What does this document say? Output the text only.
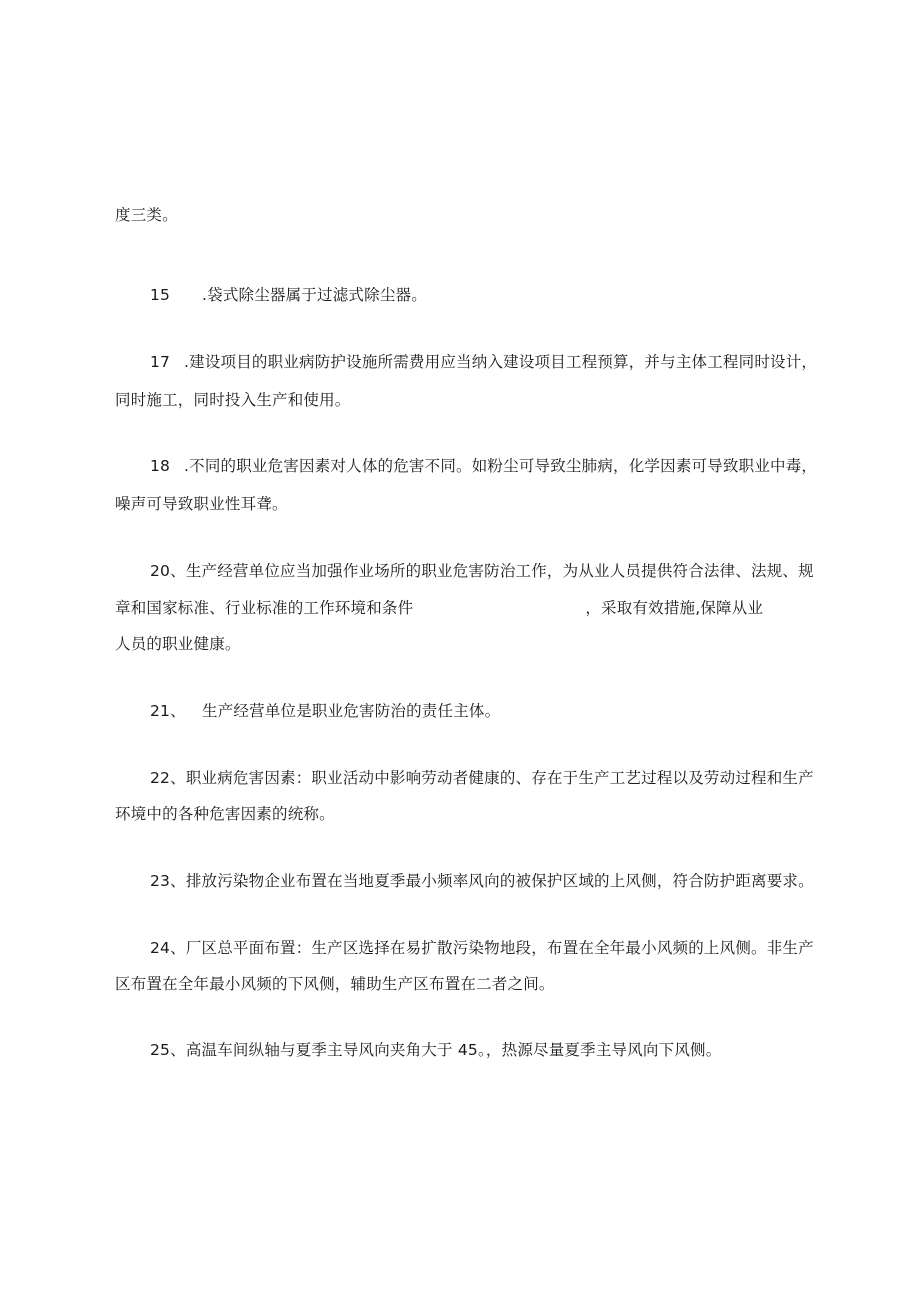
度三类。
15 .袋式除尘器属于过滤式除尘器。
17 .建设项目的职业病防护设施所需费用应当纳入建设项目工程预算，并与主体工程同时设计，
同时施工，同时投入生产和使用。
18 .不同的职业危害因素对人体的危害不同。如粉尘可导致尘肺病，化学因素可导致职业中毒，
噪声可导致职业性耳聋。
20、生产经营单位应当加强作业场所的职业危害防治工作，为从业人员提供符合法律、法规、规
章和国家标准、行业标准的工作环境和条件	，采取有效措施,保障从业
人员的职业健康。
21、 生产经营单位是职业危害防治的责任主体。
22、职业病危害因素：职业活动中影响劳动者健康的、存在于生产工艺过程以及劳动过程和生产
环境中的各种危害因素的统称。
23、排放污染物企业布置在当地夏季最小频率风向的被保护区域的上风侧，符合防护距离要求。
24、厂区总平面布置：生产区选择在易扩散污染物地段，布置在全年最小风频的上风侧。非生产
区布置在全年最小风频的下风侧，辅助生产区布置在二者之间。
25、高温车间纵轴与夏季主导风向夹角大于 45。，热源尽量夏季主导风向下风侧。
